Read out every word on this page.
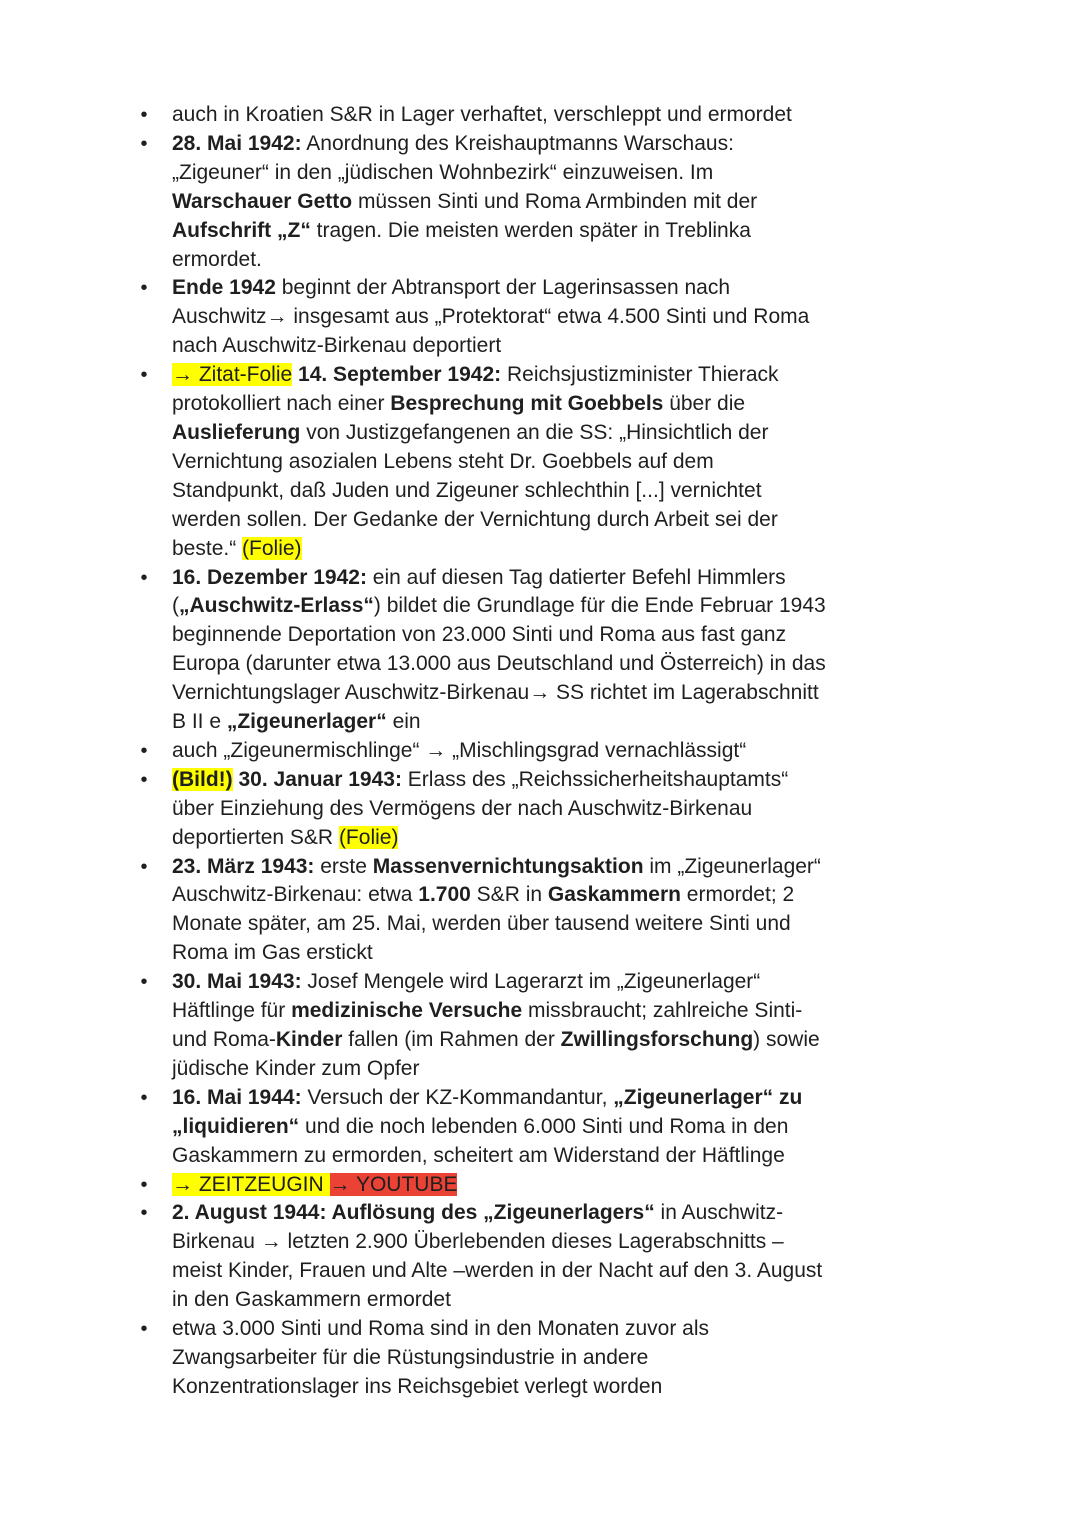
• auch in Kroatien S&R in Lager verhaftet, verschleppt und ermordet
• 28. Mai 1942: Anordnung des Kreishauptmanns Warschaus:
„Zigeuner“ in den „jüdischen Wohnbezirk“ einzuweisen. Im
Warschauer Getto müssen Sinti und Roma Armbinden mit der
Aufschrift „Z“ tragen. Die meisten werden später in Treblinka
ermordet.
• Ende 1942 beginnt der Abtransport der Lagerinsassen nach
Auschwitz→ insgesamt aus „Protektorat“ etwa 4.500 Sinti und Roma
nach Auschwitz-Birkenau deportiert
• → Zitat-Folie 14. September 1942: Reichsjustizminister Thierack
protokolliert nach einer Besprechung mit Goebbels über die
Auslieferung von Justizgefangenen an die SS: „Hinsichtlich der
Vernichtung asozialen Lebens steht Dr. Goebbels auf dem
Standpunkt, daß Juden und Zigeuner schlechthin [...] vernichtet
werden sollen. Der Gedanke der Vernichtung durch Arbeit sei der
beste.“ (Folie)
• 16. Dezember 1942: ein auf diesen Tag datierter Befehl Himmlers
(„Auschwitz-Erlass“) bildet die Grundlage für die Ende Februar 1943
beginnende Deportation von 23.000 Sinti und Roma aus fast ganz
Europa (darunter etwa 13.000 aus Deutschland und Österreich) in das
Vernichtungslager Auschwitz-Birkenau→ SS richtet im Lagerabschnitt
B II e „Zigeunerlager“ ein
• auch „Zigeunermischlinge“ → „Mischlingsgrad vernachlässigt“
• (Bild!) 30. Januar 1943: Erlass des „Reichssicherheitshauptamts“
über Einziehung des Vermögens der nach Auschwitz-Birkenau
deportierten S&R (Folie)
• 23. März 1943: erste Massenvernichtungsaktion im „Zigeunerlager“
Auschwitz-Birkenau: etwa 1.700 S&R in Gaskammern ermordet; 2
Monate später, am 25. Mai, werden über tausend weitere Sinti und
Roma im Gas erstickt
• 30. Mai 1943: Josef Mengele wird Lagerarzt im „Zigeunerlager“
Häftlinge für medizinische Versuche missbraucht; zahlreiche Sinti-
und Roma-Kinder fallen (im Rahmen der Zwillingsforschung) sowie
jüdische Kinder zum Opfer
• 16. Mai 1944: Versuch der KZ-Kommandantur, „Zigeunerlager“ zu
„liquidieren“ und die noch lebenden 6.000 Sinti und Roma in den
Gaskammern zu ermorden, scheitert am Widerstand der Häftlinge
• → ZEITZEUGIN → YOUTUBE
• 2. August 1944: Auflösung des „Zigeunerlagers“ in Auschwitz-
Birkenau → letzten 2.900 Überlebenden dieses Lagerabschnitts –
meist Kinder, Frauen und Alte –werden in der Nacht auf den 3. August
in den Gaskammern ermordet
• etwa 3.000 Sinti und Roma sind in den Monaten zuvor als
Zwangsarbeiter für die Rüstungsindustrie in andere
Konzentrationslager ins Reichsgebiet verlegt worden
